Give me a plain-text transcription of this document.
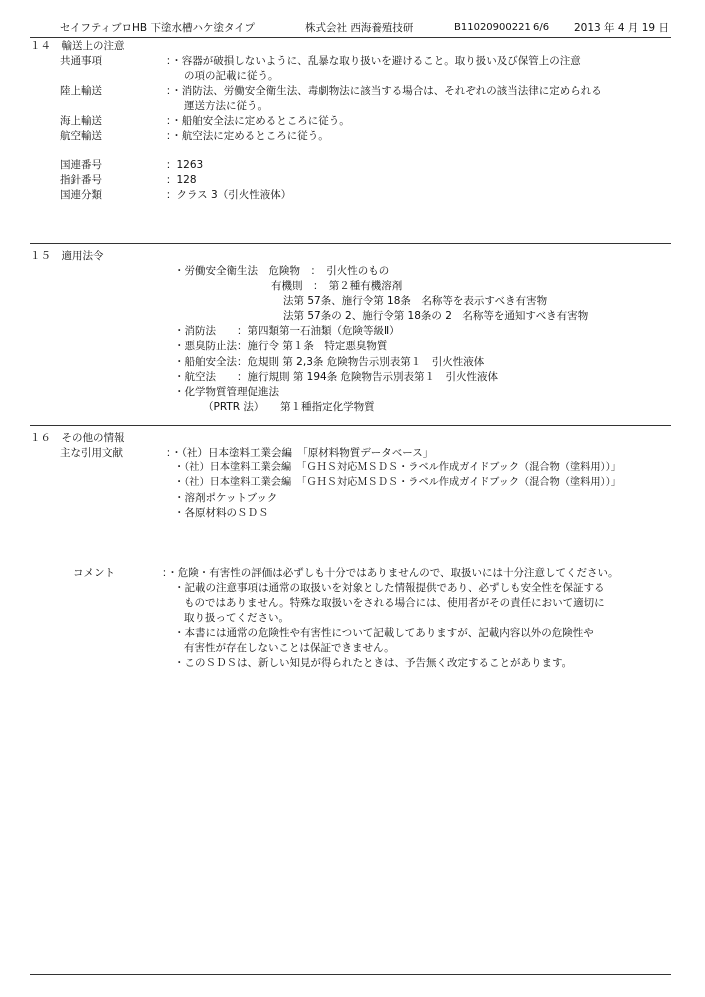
セイフティブロHB 下塗水槽ハケ塗タイプ	株式会社 西海養殖技研	B11020900221 6/6 2013 年 4 月 19 日
１４　輸送上の注意
共通事項	：・容器が破損しないように、乱暴な取り扱いを避けること。取り扱い及び保管上の注意
の項の記載に従う。
陸上輸送	：・消防法、労働安全衛生法、毒劇物法に該当する場合は、それぞれの該当法律に定められる
運送方法に従う。
海上輸送	：・船舶安全法に定めるところに従う。
航空輸送	：・航空法に定めるところに従う。
国連番号	：1263
指針番号	：128
国連分類	：クラス 3（引火性液体）
１５　適用法令
・労働安全衛生法　危険物　：　引火性のもの
有機則　：　第２種有機溶剤
法第 57条、施行令第 18条　名称等を表示すべき有害物
法第 57条の 2、施行令第 18条の 2　名称等を通知すべき有害物
・消防法　　：第四類第一石油類（危険等級Ⅱ）
・悪臭防止法：施行令 第１条　特定悪臭物質
・船舶安全法：危規則 第 2,3条 危険物告示別表第１　引火性液体
・航空法　　：施行規則 第 194条 危険物告示別表第１　引火性液体
・化学物質管理促進法
（PRTR 法）　　第１種指定化学物質
１６　その他の情報
主な引用文献	：・（社）日本塗料工業会編　「原材料物質データベース」
・（社）日本塗料工業会編　「ＧＨＳ対応ＭＳＤＳ・ラベル作成ガイドブック（混合物（塗料用））」
・（社）日本塗料工業会編　「ＧＨＳ対応ＭＳＤＳ・ラベル作成ガイドブック（混合物（塗料用））」
・溶剤ポケットブック
・各原材料のＳＤＳ
コメント	：・危険・有害性の評価は必ずしも十分ではありませんので、取扱いには十分注意してください。
・記載の注意事項は通常の取扱いを対象とした情報提供であり、必ずしも安全性を保証する
ものではありません。特殊な取扱いをされる場合には、使用者がその責任において適切に
取り扱ってください。
・本書には通常の危険性や有害性について記載してありますが、記載内容以外の危険性や
有害性が存在しないことは保証できません。
・このＳＤＳは、新しい知見が得られたときは、予告無く改定することがあります。
